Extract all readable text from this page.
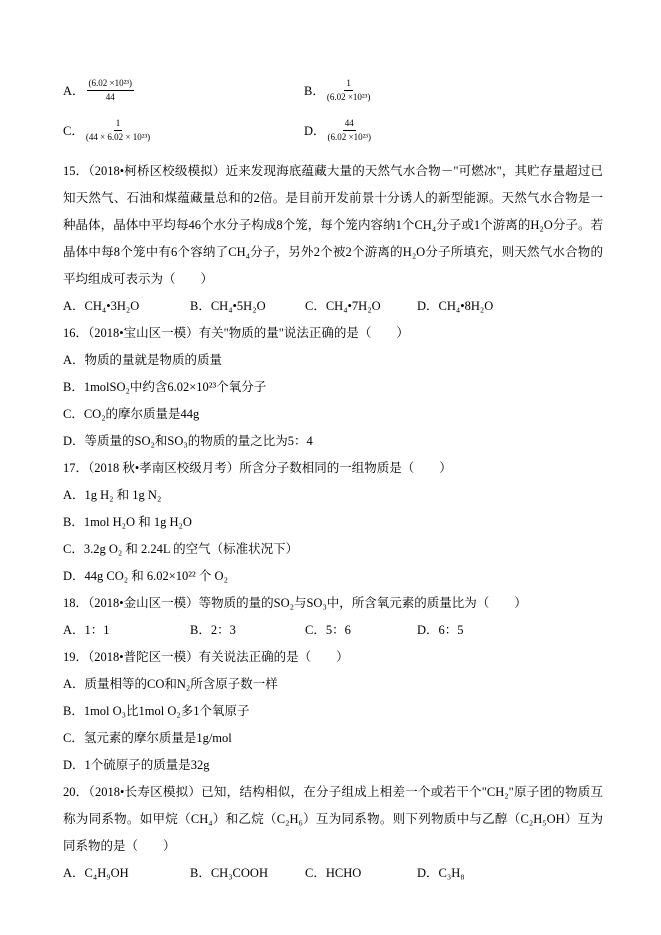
A． $\frac{\text{(6.02 ×10²³)}}{44}$	B． $\frac{1}{\text{(6.02 ×10²³)}}$
C． $\frac{1}{\text{(44 × 6.02 × 10²³)}}$	D． $\frac{44}{\text{(6.02 ×10²³)}}$

15．（2018•柯桥区校级模拟）近来发现海底蕴藏大量的天然气水合物－"可燃冰"，其贮存量超过已知天然气、石油和煤蕴藏量总和的2倍。是目前开发前景十分诱人的新型能源。天然气水合物是一种晶体，晶体中平均每46个水分子构成8个笼，每个笼内容纳1个CH₄分子或1个游离的H₂O分子。若晶体中每8个笼中有6个容纳了CH₄分子，另外2个被2个游离的H₂O分子所填充，则天然气水合物的平均组成可表示为（　　）

A．CH₄•3H₂O	B．CH₄•5H₂O	C．CH₄•7H₂O	D．CH₄•8H₂O

16．（2018•宝山区一模）有关"物质的量"说法正确的是（　　）

A．物质的量就是物质的质量

B．1molSO₂中约含6.02×10²³个氧分子

C．CO₂的摩尔质量是44g

D．等质量的SO₂和SO₃的物质的量之比为5：4

17．（2018 秋•孝南区校级月考）所含分子数相同的一组物质是（　　）

A．1g H₂ 和 1g N₂

B．1mol H₂O 和 1g H₂O

C．3.2g O₂ 和 2.24L 的空气（标准状况下）

D．44g CO₂ 和 6.02×10²² 个 O₂

18．（2018•金山区一模）等物质的量的SO₂与SO₃中，所含氧元素的质量比为（　　）

A．1：1	B．2：3	C．5：6	D．6：5

19．（2018•普陀区一模）有关说法正确的是（　　）

A．质量相等的CO和N₂所含原子数一样

B．1mol O₃比1mol O₂多1个氧原子

C．氢元素的摩尔质量是1g/mol

D．1个硫原子的质量是32g

20．（2018•长寿区模拟）已知，结构相似，在分子组成上相差一个或若干个"CH₂"原子团的物质互称为同系物。如甲烷（CH₄）和乙烷（C₂H₆）互为同系物。则下列物质中与乙醇（C₂H₅OH）互为同系物的是（　　）

A．C₄H₉OH	B．CH₃COOH	C．HCHO	D．C₃H₈
